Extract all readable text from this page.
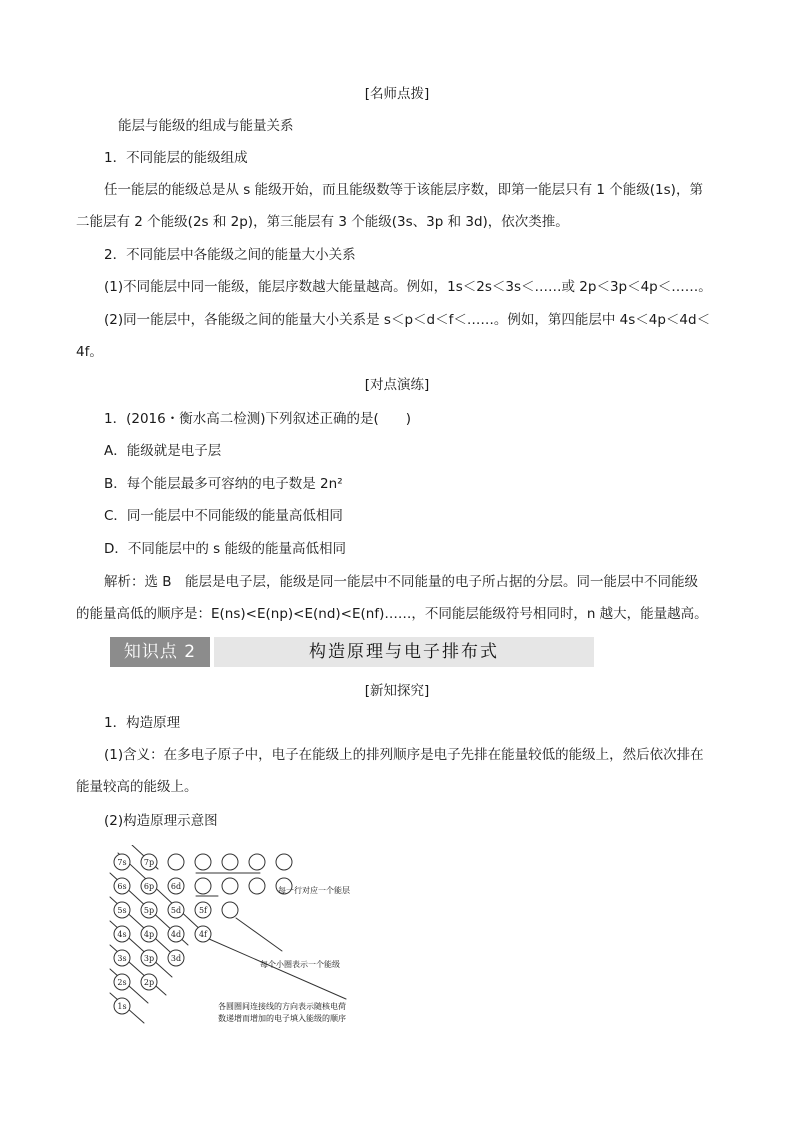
[名师点拨]
能层与能级的组成与能量关系
1．不同能层的能级组成
任一能层的能级总是从 s 能级开始，而且能级数等于该能层序数，即第一能层只有 1 个能级(1s)，第
二能层有 2 个能级(2s 和 2p)，第三能层有 3 个能级(3s、3p 和 3d)，依次类推。
2．不同能层中各能级之间的能量大小关系
(1)不同能层中同一能级，能层序数越大能量越高。例如，1s＜2s＜3s＜……或 2p＜3p＜4p＜……。
(2)同一能层中，各能级之间的能量大小关系是 s＜p＜d＜f＜……。例如，第四能层中 4s＜4p＜4d＜
4f。
[对点演练]
1．(2016・衡水高二检测)下列叙述正确的是(　　)
A．能级就是电子层
B．每个能层最多可容纳的电子数是 2n²
C．同一能层中不同能级的能量高低相同
D．不同能层中的 s 能级的能量高低相同
解析：选 B　能层是电子层，能级是同一能层中不同能量的电子所占据的分层。同一能层中不同能级
的能量高低的顺序是：E(ns)<E(np)<E(nd)<E(nf)……，不同能层能级符号相同时，n 越大，能量越高。
知识点 2	构造原理与电子排布式
[新知探究]
1．构造原理
(1)含义：在多电子原子中，电子在能级上的排列顺序是电子先排在能量较低的能级上，然后依次排在
能量较高的能级上。
(2)构造原理示意图
7s 7p
6s 6p 6d
5s 5p 5d 5f
4s 4p 4d 4f
3s 3p 3d
2s 2p
1s
每一行对应一个能层
每个小圈表示一个能级
各圆圈间连接线的方向表示随核电荷
数递增而增加的电子填入能级的顺序
